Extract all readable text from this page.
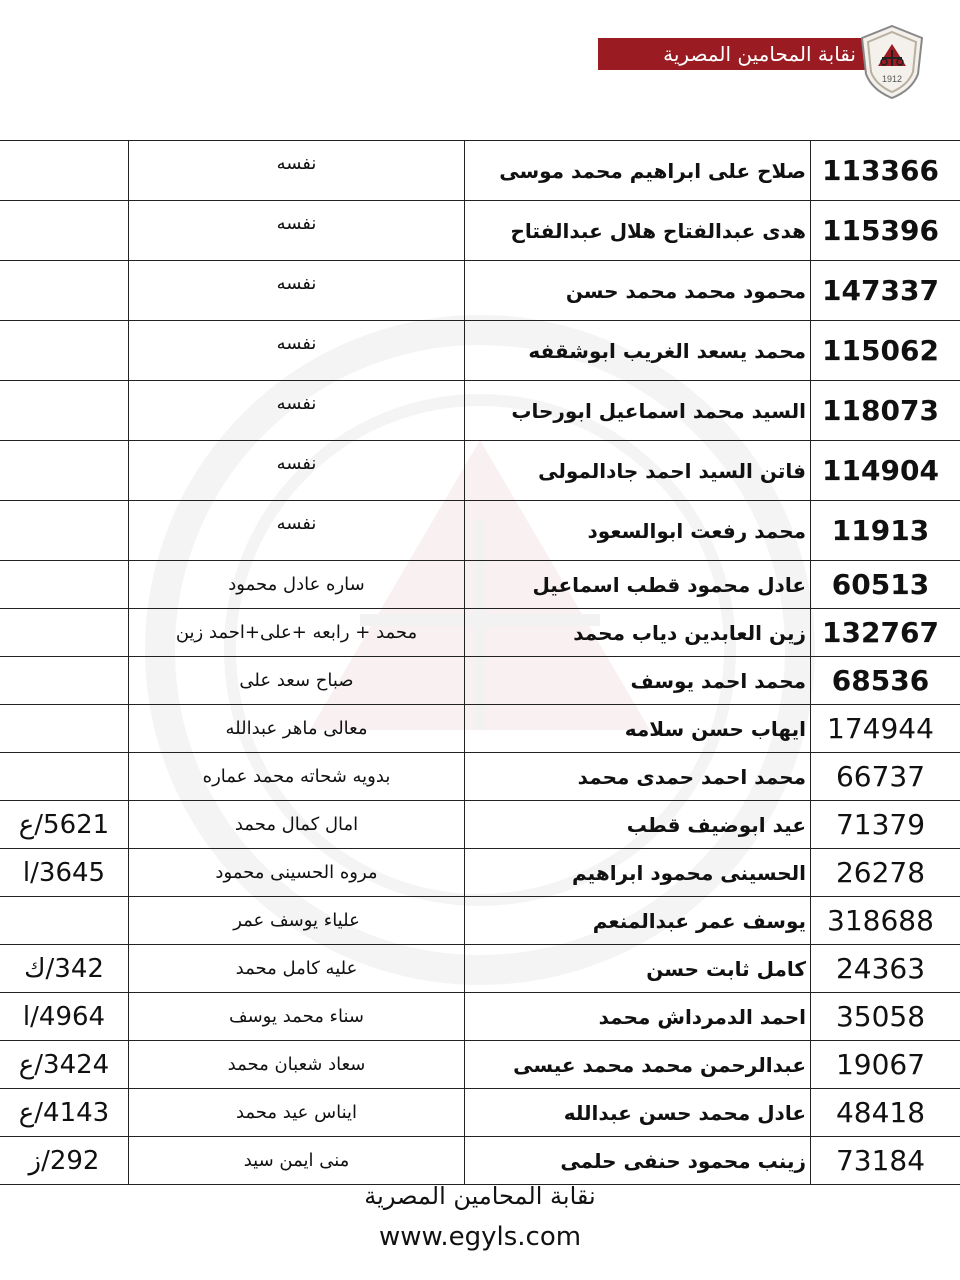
نقابة المحامين المصرية
1912
	نفسه	صلاح على ابراهيم محمد موسى	113366
	نفسه	هدى عبدالفتاح هلال عبدالفتاح	115396
	نفسه	محمود محمد محمد حسن	147337
	نفسه	محمد يسعد الغريب ابوشقفه	115062
	نفسه	السيد محمد اسماعيل ابورحاب	118073
	نفسه	فاتن السيد احمد جادالمولى	114904
	نفسه	محمد رفعت ابوالسعود	11913
	ساره عادل محمود	عادل محمود قطب اسماعيل	60513
	محمد + رابعه +على+احمد زين	زين العابدين دياب محمد	132767
	صباح سعد على	محمد احمد يوسف	68536
	معالى ماهر عبدالله	ايهاب حسن سلامه	174944
	بدويه شحاته محمد عماره	محمد احمد حمدى محمد	66737
5621/ع	امال كمال محمد	عيد ابوضيف قطب	71379
3645/ا	مروه الحسينى محمود	الحسينى محمود ابراهيم	26278
	علياء يوسف عمر	يوسف عمر عبدالمنعم	318688
342/ك	عليه كامل محمد	كامل ثابت حسن	24363
4964/ا	سناء محمد يوسف	احمد الدمرداش محمد	35058
3424/ع	سعاد شعبان محمد	عبدالرحمن محمد محمد عيسى	19067
4143/ع	ايناس عيد محمد	عادل محمد حسن عبدالله	48418
292/ز	منى ايمن سيد	زينب محمود حنفى حلمى	73184
نقابة المحامين المصرية
www.egyls.com
